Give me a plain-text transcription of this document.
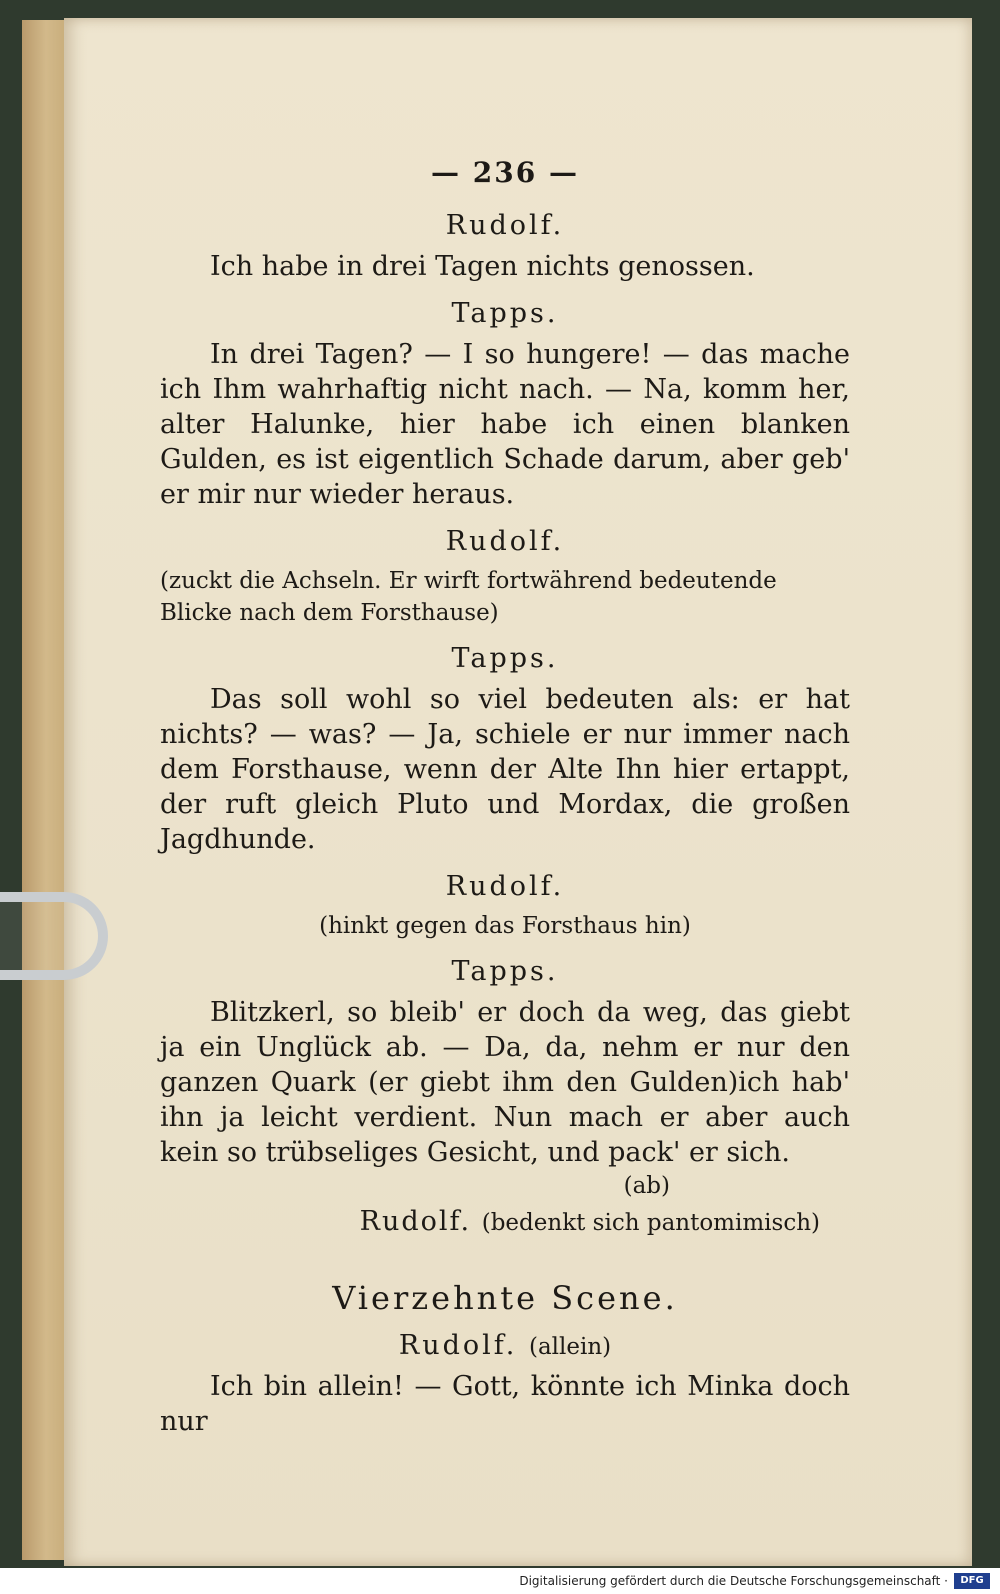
— 236 —
Rudolf.

Ich habe in drei Tagen nichts genossen.

Tapps.

In drei Tagen? — I so hungere! — das mache ich Ihm wahrhaftig nicht nach. — Na, komm her, alter Halunke, hier habe ich einen blanken Gulden, es ist eigentlich Schade darum, aber geb' er mir nur wieder heraus.

Rudolf.

(zuckt die Achseln. Er wirft fortwährend bedeutende Blicke nach dem Forsthause)

Tapps.

Das soll wohl so viel bedeuten als: er hat nichts? — was? — Ja, schiele er nur immer nach dem Forsthause, wenn der Alte Ihn hier ertappt, der ruft gleich Pluto und Mordax, die großen Jagdhunde.

Rudolf.

(hinkt gegen das Forsthaus hin)

Tapps.

Blitzkerl, so bleib' er doch da weg, das giebt ja ein Unglück ab. — Da, da, nehm er nur den ganzen Quark (er giebt ihm den Gulden)ich hab' ihn ja leicht verdient. Nun mach er aber auch kein so trübseliges Gesicht, und pack' er sich.

(ab)

Rudolf. (bedenkt sich pantomimisch)
Vierzehnte Scene.
Rudolf. (allein)

Ich bin allein! — Gott, könnte ich Minka doch nur

Digitalisierung gefördert durch die Deutsche Forschungsgemeinschaft ·	DFG
